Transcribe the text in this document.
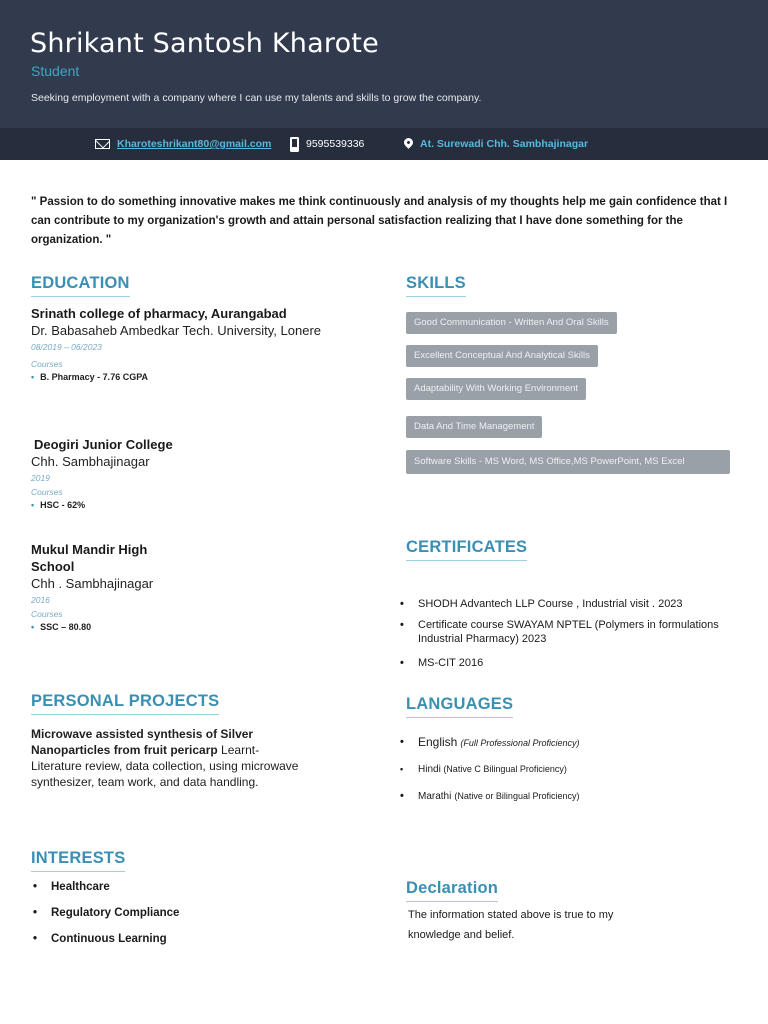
Shrikant Santosh Kharote
Student
Seeking employment with a company where I can use my talents and skills to grow the company.
Kharoteshrikant80@gmail.com	9595539336	At. Surewadi Chh. Sambhajinagar
" Passion to do something innovative makes me think continuously and analysis of my thoughts help me gain confidence that I can contribute to my organization's growth and attain personal satisfaction realizing that I have done something for the organization. "
EDUCATION
Srinath college of pharmacy, Aurangabad
Dr. Babasaheb Ambedkar Tech. University, Lonere
08/2019 – 06/2023
Courses
• B. Pharmacy - 7.76 CGPA
Deogiri Junior College
Chh. Sambhajinagar
2019
Courses
• HSC - 62%
Mukul Mandir High School
Chh . Sambhajinagar
2016
Courses
• SSC – 80.80
SKILLS
Good Communication - Written And Oral Skills
Excellent Conceptual And Analytical Skills
Adaptability With Working Environment
Data And Time Management
Software Skills - MS Word, MS Office,MS PowerPoint, MS Excel
CERTIFICATES
• SHODH Advantech LLP Course , Industrial visit . 2023
• Certificate course SWAYAM NPTEL (Polymers in formulations Industrial Pharmacy) 2023
• MS-CIT 2016
PERSONAL PROJECTS
Microwave assisted synthesis of Silver Nanoparticles from fruit pericarp Learnt- Literature review, data collection, using microwave synthesizer, team work, and data handling.
LANGUAGES
• English (Full Professional Proficiency)
• Hindi (Native C Bilingual Proficiency)
• Marathi (Native or Bilingual Proficiency)
INTERESTS
• Healthcare
• Regulatory Compliance
• Continuous Learning
Declaration
The information stated above is true to my knowledge and belief.
